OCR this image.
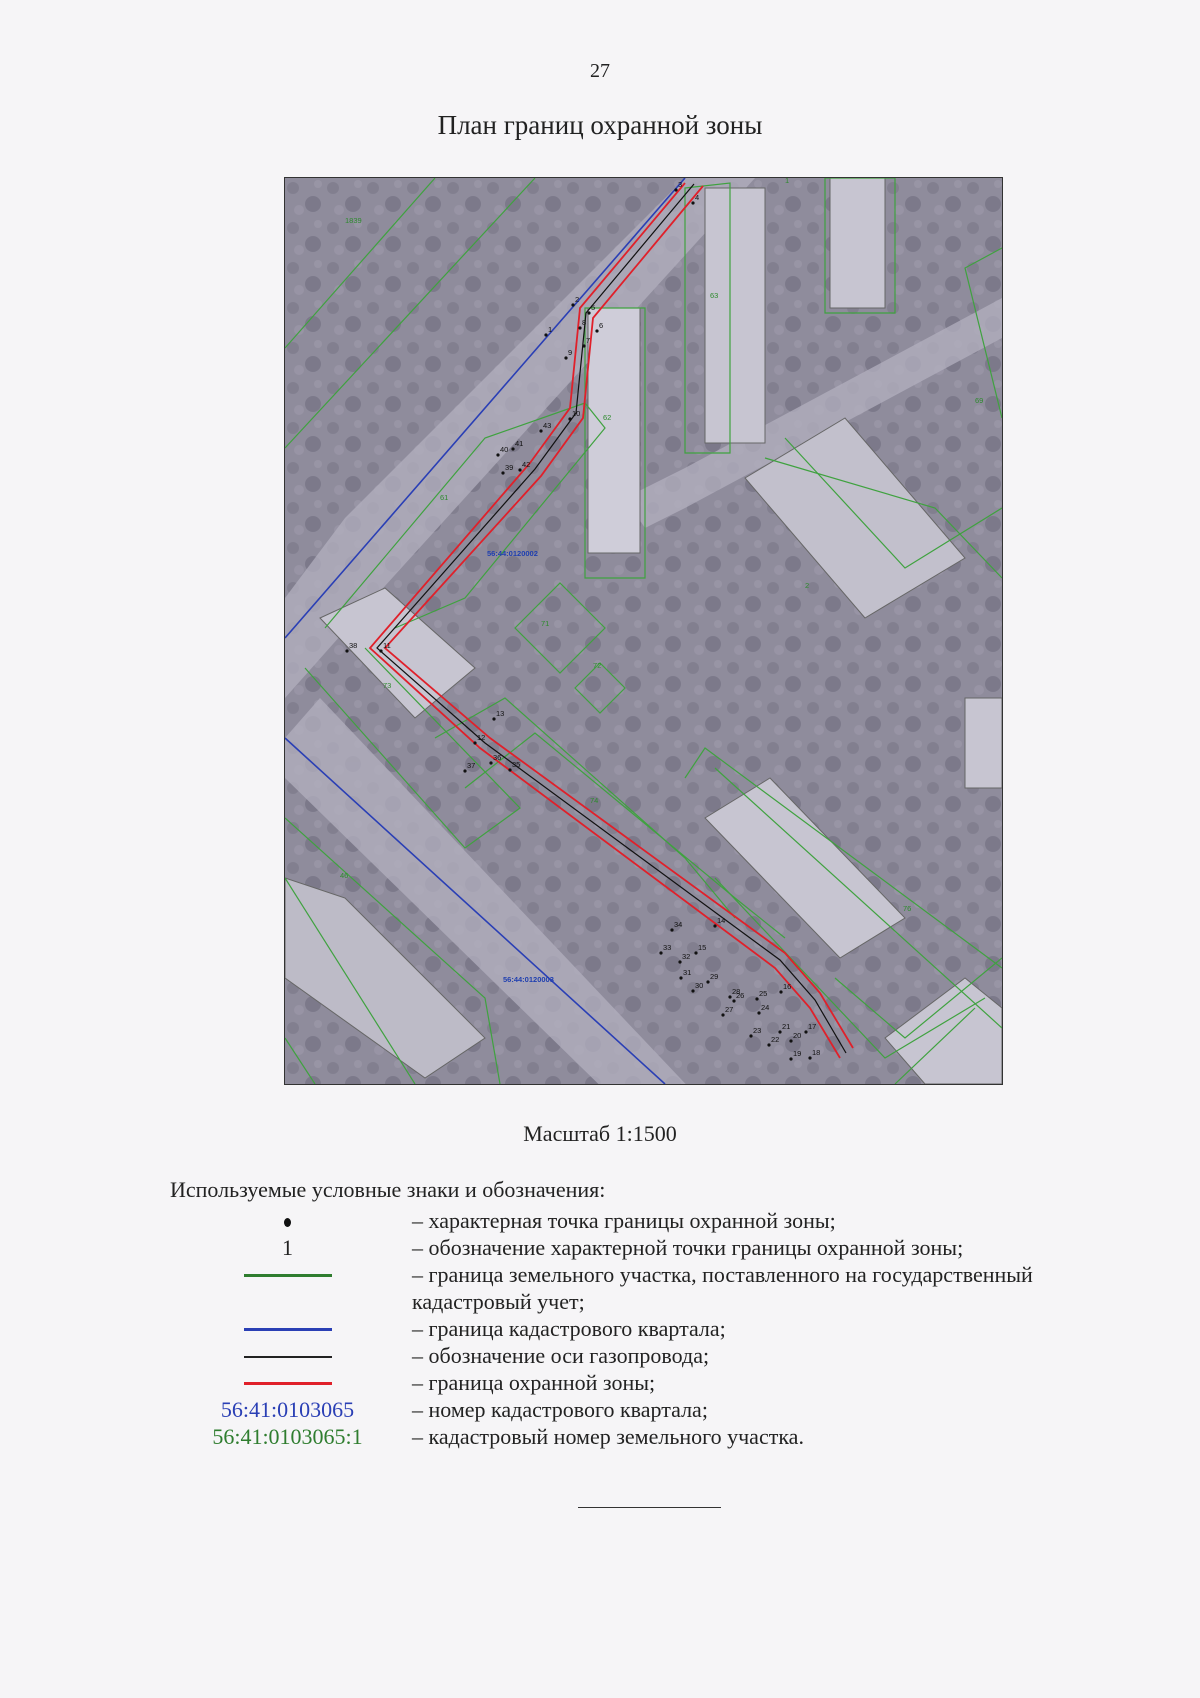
27
План границ охранной зоны
1839
1
63
69
62
61
2
71
72
73
74
46
76
56:44:0120002
56:44:0120003
1
2
3
4
5
6
7
8
9
10
11
12
13
14
15
16
17
18
19
20
21
22
23
24
25
26
27
28
29
30
31
32
33
34
35
36
37
38
39
40
41
42
43
Масштаб 1:1500
Используемые условные знаки и обозначения:
– характерная точка границы охранной зоны;
1	– обозначение характерной точки границы охранной зоны;
– граница земельного участка, поставленного на государственный кадастровый учет;
– граница кадастрового квартала;
– обозначение оси газопровода;
– граница охранной зоны;
56:41:0103065	– номер кадастрового квартала;
56:41:0103065:1	– кадастровый номер земельного участка.
